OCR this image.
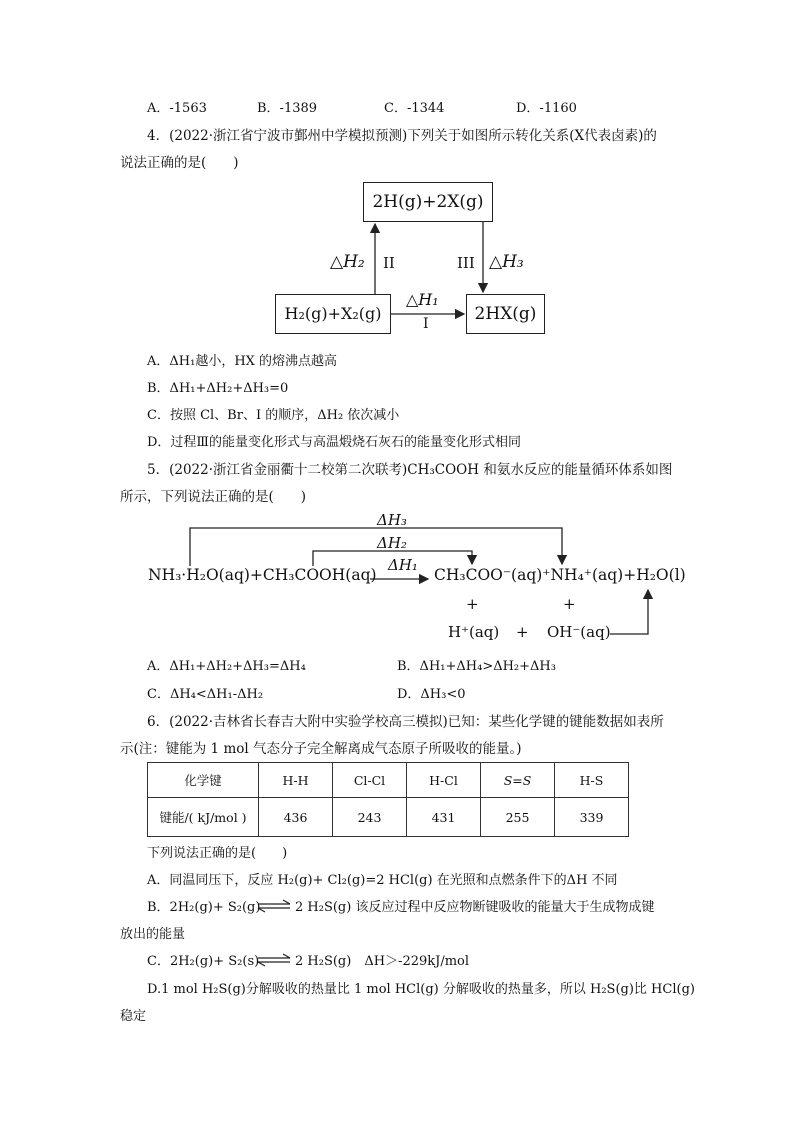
A．-1563	B．-1389	C．-1344	D．-1160
4．(2022·浙江省宁波市鄞州中学模拟预测)下列关于如图所示转化关系(X代表卤素)的
说法正确的是(　　)
2H(g)+2X(g)
H₂(g)+X₂(g)	2HX(g)
△H₂ II	III △H₃
△H₁
I
A．ΔH₁越小，HX 的熔沸点越高
B．ΔH₁+ΔH₂+ΔH₃=0
C．按照 Cl、Br、I 的顺序，ΔH₂ 依次减小
D．过程Ⅲ的能量变化形式与高温煅烧石灰石的能量变化形式相同
5．(2022·浙江省金丽衢十二校第二次联考)CH₃COOH 和氨水反应的能量循环体系如图
所示，下列说法正确的是(　　)
ΔH₃
ΔH₂
ΔH₁
NH₃·H₂O(aq)+CH₃COOH(aq)	CH₃COO⁻(aq)⁺NH₄⁺(aq)+H₂O(l)
+	+
H⁺(aq) + OH⁻(aq)
A．ΔH₁+ΔH₂+ΔH₃=ΔH₄	B．ΔH₁+ΔH₄>ΔH₂+ΔH₃
C．ΔH₄<ΔH₁-ΔH₂	D．ΔH₃<0
6．(2022·吉林省长春吉大附中实验学校高三模拟)已知：某些化学键的键能数据如表所
示(注：键能为 1 mol 气态分子完全解离成气态原子所吸收的能量。)
化学键	H-H	Cl-Cl	H-Cl	S=S	H-S
键能/( kJ/mol )	436	243	431	255	339
下列说法正确的是(　　)
A．同温同压下，反应 H₂(g)+ Cl₂(g)=2 HCl(g) 在光照和点燃条件下的ΔH 不同
B．2H₂(g)+ S₂(g) ⇌ 2 H₂S(g) 该反应过程中反应物断键吸收的能量大于生成物成键
放出的能量
C．2H₂(g)+ S₂(s) ⇌ 2 H₂S(g)　ΔH＞-229kJ/mol
D.1 mol H₂S(g)分解吸收的热量比 1 mol HCl(g) 分解吸收的热量多，所以 H₂S(g)比 HCl(g)
稳定
